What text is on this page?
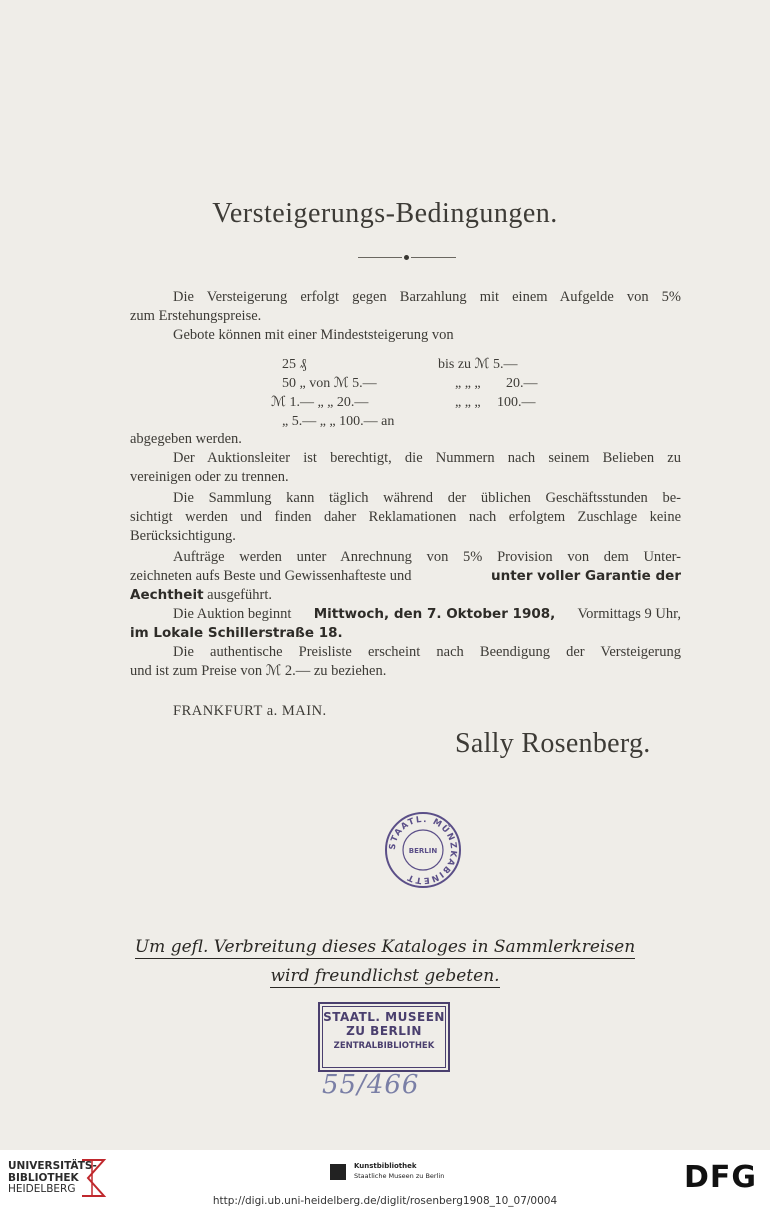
Versteigerungs-Bedingungen.
Die Versteigerung erfolgt gegen Barzahlung mit einem Aufgelde von 5%
zum Erstehungspreise.
Gebote können mit einer Mindeststeigerung von
25 ₰	bis zu ℳ 5.—
50 „ von ℳ 5.—	„ „ „ 20.—
ℳ 1.— „ „ 20.—	„ „ „ 100.—
„ 5.— „ „ 100.— an
abgegeben werden.
Der Auktionsleiter ist berechtigt, die Nummern nach seinem Belieben zu
vereinigen oder zu trennen.
Die Sammlung kann täglich während der üblichen Geschäftsstunden be-
sichtigt werden und finden daher Reklamationen nach erfolgtem Zuschlage keine
Berücksichtigung.
Aufträge werden unter Anrechnung von 5% Provision von dem Unter-
zeichneten aufs Beste und Gewissenhafteste und	unter voller Garantie der
Aechtheit ausgeführt.
Die Auktion beginnt Mittwoch, den 7. Oktober 1908, Vormittags 9 Uhr,
im Lokale Schillerstraße 18.
Die authentische Preisliste erscheint nach Beendigung der Versteigerung
und ist zum Preise von ℳ 2.— zu beziehen.
FRANKFURT a. MAIN.
Sally Rosenberg.
STAATL. MÜNZKABINETT
BERLIN
Um gefl. Verbreitung dieses Kataloges in Sammlerkreisen
wird freundlichst gebeten.
STAATL. MUSEEN
ZU BERLIN
ZENTRALBIBLIOTHEK
55/466
UNIVERSITÄTS-
BIBLIOTHEK
HEIDELBERG
Kunstbibliothek
Staatliche Museen zu Berlin	DFG
http://digi.ub.uni-heidelberg.de/diglit/rosenberg1908_10_07/0004
